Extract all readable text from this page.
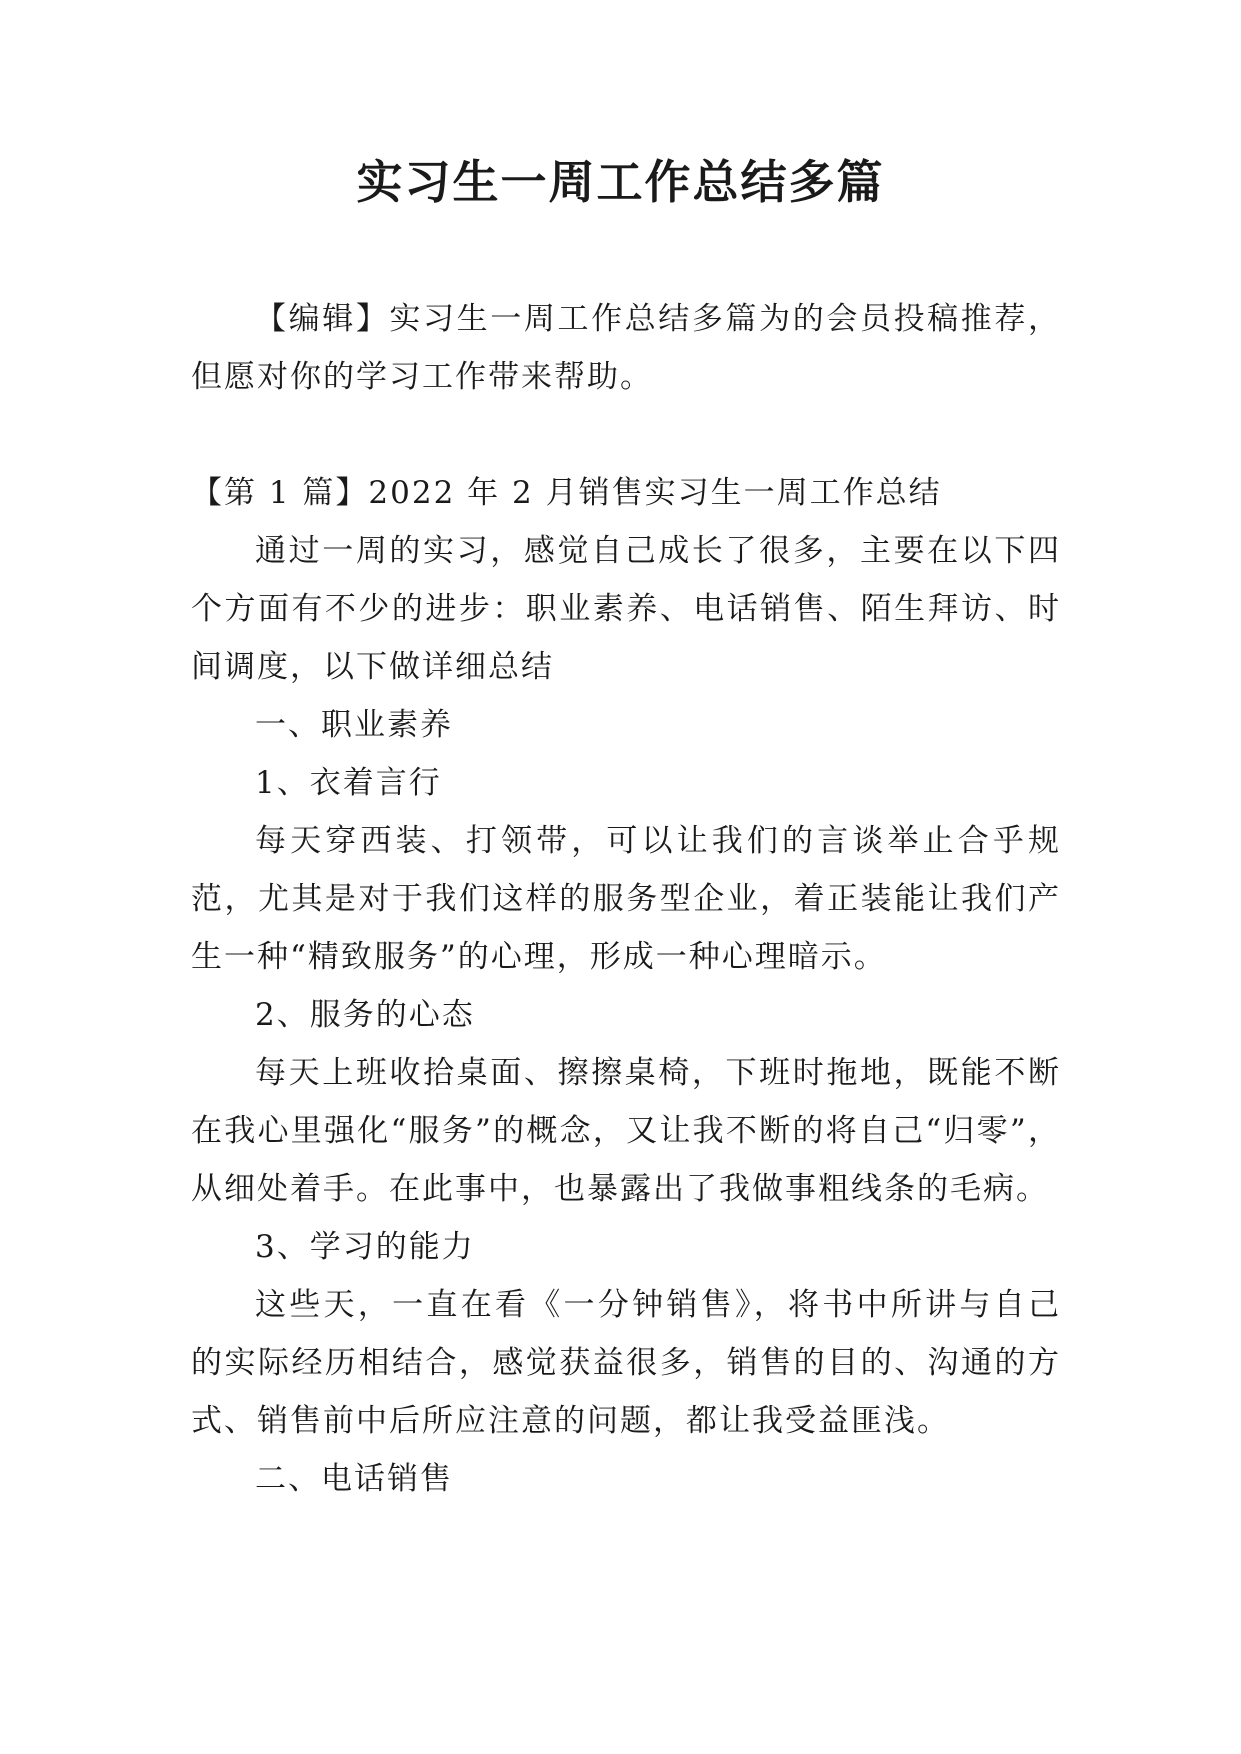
实习生一周工作总结多篇

【编辑】实习生一周工作总结多篇为的会员投稿推荐，但愿对你的学习工作带来帮助。

【第 1 篇】2022 年 2 月销售实习生一周工作总结

通过一周的实习，感觉自己成长了很多，主要在以下四个方面有不少的进步：职业素养、电话销售、陌生拜访、时间调度，以下做详细总结

一、职业素养

1、衣着言行

每天穿西装、打领带，可以让我们的言谈举止合乎规范，尤其是对于我们这样的服务型企业，着正装能让我们产生一种“精致服务”的心理，形成一种心理暗示。

2、服务的心态

每天上班收拾桌面、擦擦桌椅，下班时拖地，既能不断在我心里强化“服务”的概念，又让我不断的将自己“归零”，从细处着手。在此事中，也暴露出了我做事粗线条的毛病。

3、学习的能力

这些天，一直在看《一分钟销售》，将书中所讲与自己的实际经历相结合，感觉获益很多，销售的目的、沟通的方式、销售前中后所应注意的问题，都让我受益匪浅。

二、电话销售
